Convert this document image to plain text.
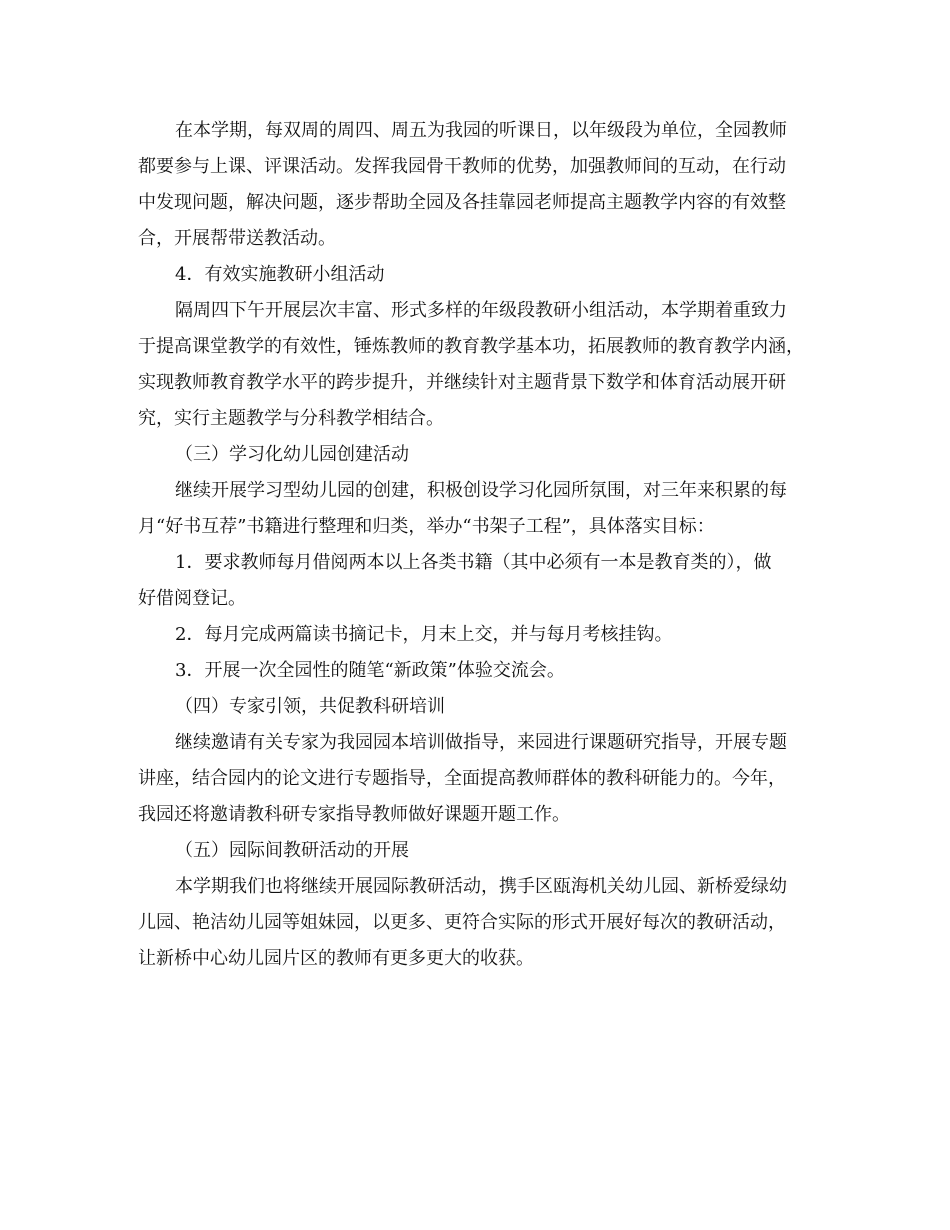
在本学期，每双周的周四、周五为我园的听课日，以年级段为单位，全园教师
都要参与上课、评课活动。发挥我园骨干教师的优势，加强教师间的互动，在行动
中发现问题，解决问题，逐步帮助全园及各挂靠园老师提高主题教学内容的有效整
合，开展帮带送教活动。
4．有效实施教研小组活动
隔周四下午开展层次丰富、形式多样的年级段教研小组活动，本学期着重致力
于提高课堂教学的有效性，锤炼教师的教育教学基本功，拓展教师的教育教学内涵，
实现教师教育教学水平的跨步提升，并继续针对主题背景下数学和体育活动展开研
究，实行主题教学与分科教学相结合。
（三）学习化幼儿园创建活动
继续开展学习型幼儿园的创建，积极创设学习化园所氛围，对三年来积累的每
月“好书互荐”书籍进行整理和归类，举办“书架子工程”，具体落实目标：
1．要求教师每月借阅两本以上各类书籍（其中必须有一本是教育类的），做
好借阅登记。
2．每月完成两篇读书摘记卡，月末上交，并与每月考核挂钩。
3．开展一次全园性的随笔“新政策”体验交流会。
（四）专家引领，共促教科研培训
继续邀请有关专家为我园园本培训做指导，来园进行课题研究指导，开展专题
讲座，结合园内的论文进行专题指导，全面提高教师群体的教科研能力的。今年，
我园还将邀请教科研专家指导教师做好课题开题工作。
（五）园际间教研活动的开展
本学期我们也将继续开展园际教研活动，携手区瓯海机关幼儿园、新桥爱绿幼
儿园、艳洁幼儿园等姐妹园，以更多、更符合实际的形式开展好每次的教研活动，
让新桥中心幼儿园片区的教师有更多更大的收获。
